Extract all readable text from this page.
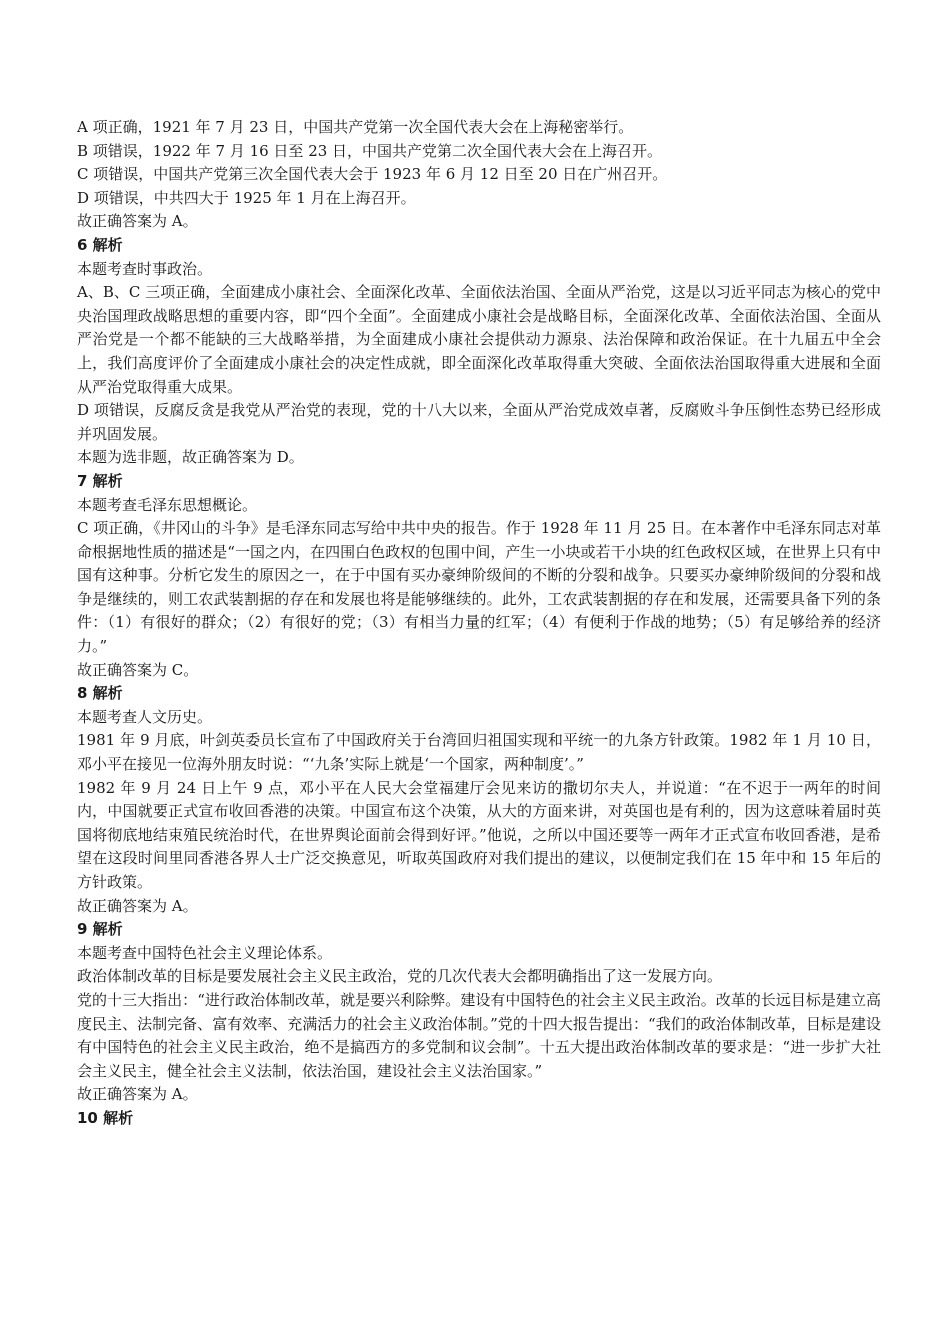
A 项正确，1921 年 7 月 23 日，中国共产党第一次全国代表大会在上海秘密举行。

B 项错误，1922 年 7 月 16 日至 23 日，中国共产党第二次全国代表大会在上海召开。

C 项错误，中国共产党第三次全国代表大会于 1923 年 6 月 12 日至 20 日在广州召开。

D 项错误，中共四大于 1925 年 1 月在上海召开。

故正确答案为 A。

6 解析

本题考查时事政治。

A、B、C 三项正确，全面建成小康社会、全面深化改革、全面依法治国、全面从严治党，这是以习近平同志为核心的党中央治国理政战略思想的重要内容，即“四个全面”。全面建成小康社会是战略目标，全面深化改革、全面依法治国、全面从严治党是一个都不能缺的三大战略举措，为全面建成小康社会提供动力源泉、法治保障和政治保证。在十九届五中全会上，我们高度评价了全面建成小康社会的决定性成就，即全面深化改革取得重大突破、全面依法治国取得重大进展和全面从严治党取得重大成果。

D 项错误，反腐反贪是我党从严治党的表现，党的十八大以来，全面从严治党成效卓著，反腐败斗争压倒性态势已经形成并巩固发展。

本题为选非题，故正确答案为 D。

7 解析

本题考查毛泽东思想概论。

C 项正确，《井冈山的斗争》是毛泽东同志写给中共中央的报告。作于 1928 年 11 月 25 日。在本著作中毛泽东同志对革命根据地性质的描述是“一国之内，在四围白色政权的包围中间，产生一小块或若干小块的红色政权区域，在世界上只有中国有这种事。分析它发生的原因之一，在于中国有买办豪绅阶级间的不断的分裂和战争。只要买办豪绅阶级间的分裂和战争是继续的，则工农武装割据的存在和发展也将是能够继续的。此外，工农武装割据的存在和发展，还需要具备下列的条件：（1）有很好的群众；（2）有很好的党；（3）有相当力量的红军；（4）有便利于作战的地势；（5）有足够给养的经济力。”

故正确答案为 C。

8 解析

本题考查人文历史。

1981 年 9 月底，叶剑英委员长宣布了中国政府关于台湾回归祖国实现和平统一的九条方针政策。1982 年 1 月 10 日，邓小平在接见一位海外朋友时说：“‘九条’实际上就是‘一个国家，两种制度’。”

1982 年 9 月 24 日上午 9 点，邓小平在人民大会堂福建厅会见来访的撒切尔夫人，并说道：“在不迟于一两年的时间内，中国就要正式宣布收回香港的决策。中国宣布这个决策，从大的方面来讲，对英国也是有利的，因为这意味着届时英国将彻底地结束殖民统治时代，在世界舆论面前会得到好评。”他说，之所以中国还要等一两年才正式宣布收回香港，是希望在这段时间里同香港各界人士广泛交换意见，听取英国政府对我们提出的建议，以便制定我们在 15 年中和 15 年后的方针政策。

故正确答案为 A。

9 解析

本题考查中国特色社会主义理论体系。

政治体制改革的目标是要发展社会主义民主政治，党的几次代表大会都明确指出了这一发展方向。

党的十三大指出：“进行政治体制改革，就是要兴利除弊。建设有中国特色的社会主义民主政治。改革的长远目标是建立高度民主、法制完备、富有效率、充满活力的社会主义政治体制。”党的十四大报告提出：“我们的政治体制改革，目标是建设有中国特色的社会主义民主政治，绝不是搞西方的多党制和议会制”。十五大提出政治体制改革的要求是：“进一步扩大社会主义民主，健全社会主义法制，依法治国，建设社会主义法治国家。”

故正确答案为 A。

10 解析
